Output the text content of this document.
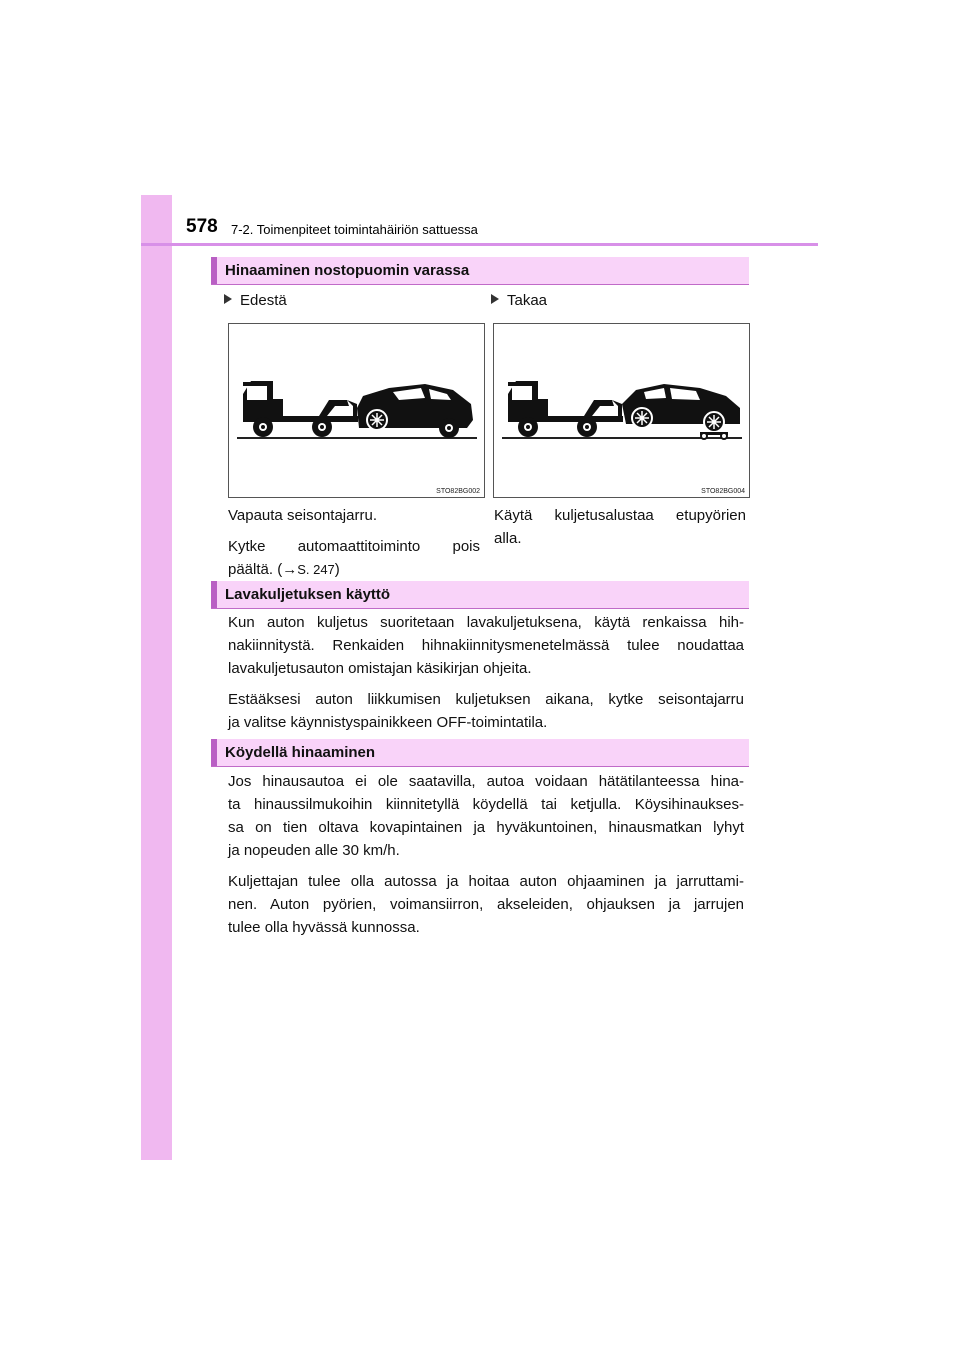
578 7-2. Toimenpiteet toimintahäiriön sattuessa
Hinaaminen nostopuomin varassa
Edestä	Takaa
STO82BG002	STO82BG004
Vapauta seisontajarru.
Kytke automaattitoiminto pois
päältä. (→S. 247)
Käytä kuljetusalustaa etupyörien
alla.
Lavakuljetuksen käyttö
Kun auton kuljetus suoritetaan lavakuljetuksena, käytä renkaissa hih-
nakiinnitystä. Renkaiden hihnakiinnitysmenetelmässä tulee noudattaa
lavakuljetusauton omistajan käsikirjan ohjeita.
Estääksesi auton liikkumisen kuljetuksen aikana, kytke seisontajarru
ja valitse käynnistyspainikkeen OFF-toimintatila.
Köydellä hinaaminen
Jos hinausautoa ei ole saatavilla, autoa voidaan hätätilanteessa hina-
ta hinaussilmukoihin kiinnitetyllä köydellä tai ketjulla. Köysihinaukses-
sa on tien oltava kovapintainen ja hyväkuntoinen, hinausmatkan lyhyt
ja nopeuden alle 30 km/h.
Kuljettajan tulee olla autossa ja hoitaa auton ohjaaminen ja jarruttami-
nen. Auton pyörien, voimansiirron, akseleiden, ohjauksen ja jarrujen
tulee olla hyvässä kunnossa.
